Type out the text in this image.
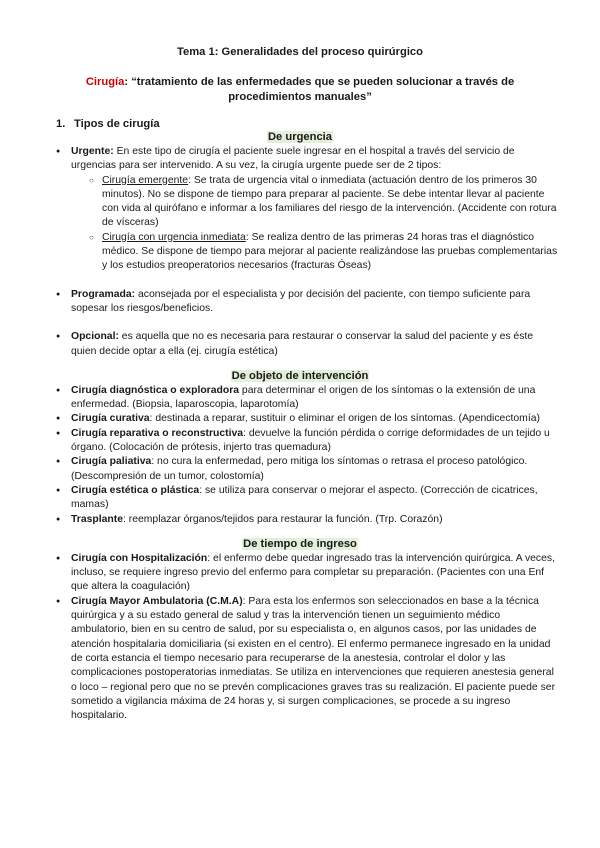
Tema 1: Generalidades del proceso quirúrgico

Cirugía: “tratamiento de las enfermedades que se pueden solucionar a través de procedimientos manuales”

1. Tipos de cirugía

De urgencia

● Urgente: En este tipo de cirugía el paciente suele ingresar en el hospital a través del servicio de urgencias para ser intervenido. A su vez, la cirugía urgente puede ser de 2 tipos:
○ Cirugía emergente: Se trata de urgencia vital o inmediata (actuación dentro de los primeros 30 minutos). No se dispone de tiempo para preparar al paciente. Se debe intentar llevar al paciente con vida al quirófano e informar a los familiares del riesgo de la intervención. (Accidente con rotura de vísceras)
○ Cirugía con urgencia inmediata: Se realiza dentro de las primeras 24 horas tras el diagnóstico médico. Se dispone de tiempo para mejorar al paciente realizándose las pruebas complementarias y los estudios preoperatorios necesarios (fracturas Óseas)
● Programada: aconsejada por el especialista y por decisión del paciente, con tiempo suficiente para sopesar los riesgos/beneficios.
● Opcional: es aquella que no es necesaria para restaurar o conservar la salud del paciente y es éste quien decide optar a ella (ej. cirugía estética)

De objeto de intervención

● Cirugía diagnóstica o exploradora para determinar el origen de los síntomas o la extensión de una enfermedad. (Biopsia, laparoscopia, laparotomía)
● Cirugía curativa: destinada a reparar, sustituir o eliminar el origen de los síntomas. (Apendicectomía)
● Cirugía reparativa o reconstructiva: devuelve la función pérdida o corrige deformidades de un tejido u órgano. (Colocación de prótesis, injerto tras quemadura)
● Cirugía paliativa: no cura la enfermedad, pero mitiga los síntomas o retrasa el proceso patológico. (Descompresión de un tumor, colostomía)
● Cirugía estética o plástica: se utiliza para conservar o mejorar el aspecto. (Corrección de cicatrices, mamas)
● Trasplante: reemplazar órganos/tejidos para restaurar la función. (Trp. Corazón)

De tiempo de ingreso

● Cirugía con Hospitalización: el enfermo debe quedar ingresado tras la intervención quirúrgica. A veces, incluso, se requiere ingreso previo del enfermo para completar su preparación. (Pacientes con una Enf que altera la coagulación)
● Cirugía Mayor Ambulatoria (C.M.A): Para esta los enfermos son seleccionados en base a la técnica quirúrgica y a su estado general de salud y tras la intervención tienen un seguimiento médico ambulatorio, bien en su centro de salud, por su especialista o, en algunos casos, por las unidades de atención hospitalaria domiciliaria (si existen en el centro). El enfermo permanece ingresado en la unidad de corta estancia el tiempo necesario para recuperarse de la anestesia, controlar el dolor y las complicaciones postoperatorias inmediatas. Se utiliza en intervenciones que requieren anestesia general o loco – regional pero que no se prevén complicaciones graves tras su realización. El paciente puede ser sometido a vigilancia máxima de 24 horas y, si surgen complicaciones, se procede a su ingreso hospitalario.
